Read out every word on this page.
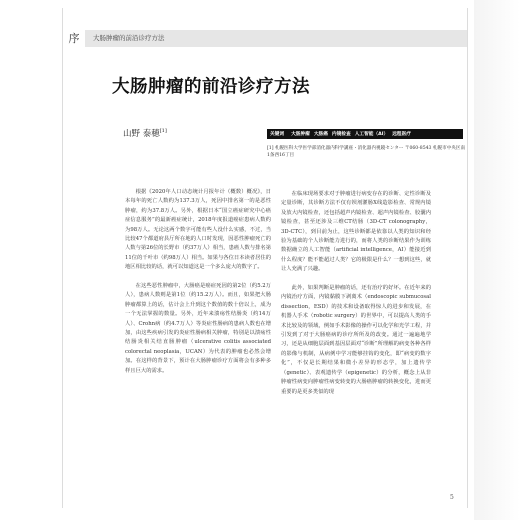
序	大肠肿瘤的前沿诊疗方法
大肠肿瘤的前沿诊疗方法
山野 泰穂[1]
关键词 大肠肿瘤 大肠癌 内镜检查 人工智能（AI） 远程医疗
[1] 札幌医科大学医学部消化器内科学講座・消化器内視鏡センター 〒060-8543 札幌市中央区南1条西16丁目

根据《2020年人口动态统计月报年计（概数）概况》，日本每年的死亡人数约为137.3万人，死因中排名第一的是恶性肿瘤，约为37.8万人。另外，根据日本“国立癌症研究中心癌症信息服务”的最新癌症统计，2018年度报道癌症患病人数约为98万人。无论这两个数字可能有些人没什么实感，不过，当比较47个都道府县厅所在地的人口时发现，因恶性肿瘤死亡的人数与第26位的长野市（约37万人）相当，患癌人数与排名第11位的千叶市（约98万人）相当。如果与各位日本读者居住的地区相比较的话，就可以知道这是一个多么庞大的数字了。

在这些恶性肿瘤中，大肠癌是癌症死因的第2位（约5.2万人），患病人数则是第1位（约15.2万人）。而且，如果把大肠肿瘤都算上的话，估计会上升到这个数值的数十倍以上，成为一个无法掌握的数量。另外，近年来溃疡性结肠炎（约14万人）、Crohn病（约4.7万人）等炎症性肠病的患病人数也在增加，由这些疾病引发的炎症性肠病相关肿瘤，特别是以溃疡性结肠炎相关结直肠肿瘤（ulcerative colitis associated colorectal neoplasia，UCAN）为代表的肿瘤也必然会增加。在这样的背景下，预计在大肠肿瘤诊疗方面将会有多种多样且巨大的需求。

在临床现场要求对于肿瘤进行病变存在的诊断、定性诊断及定量诊断，其诊断方法不仅有钡剂灌肠X线造影检查、常规内镜及放大内镜检查，还包括超声内镜检查、超声内镜检查、胶囊内镜检查，甚至还涉及三维CT结肠（3D-CT colonography，3D-CTC），到目前为止，这些诊断都是依靠以人类的知识和经验为基础的个人诊断能力进行的，而将人类的诊断结果作为训练数据确立的人工智能（artificial intelligence，AI）能接近到什么程度？能不能超过人类？它的极限是什么？一想到这些，就让人充满了兴趣。

此外，如果判断是肿瘤的话，还有治疗的好坏。在近年来的内镜治疗方面，内镜黏膜下剥离术（endoscopic submucosal dissection，ESD）的技术和设备取得惊人的进步和发展，在机器人手术（robotic surgery）的世界中，可以提高人类的手术比较及的领域，例如手术影像的操作可以化学和光学工程，并引发到了对于大肠癌病的诊疗所所及的改变。通过一遍遍地学习，还是从细胞层面到基因层面对“诊断”所理解的病变各种各样的影像与机制，从病例中学习能够挂钩的变化，即“病变的数字化”，不仅是长期结果和微小差异的形态学，加上遗传学（genetic）、表观遗传学（epigenetic）的分析，概念上从非肿瘤性病变向肿瘤性病变转变的大肠癌肿瘤的转换变化，进而更重要的是更多类似的现

5
